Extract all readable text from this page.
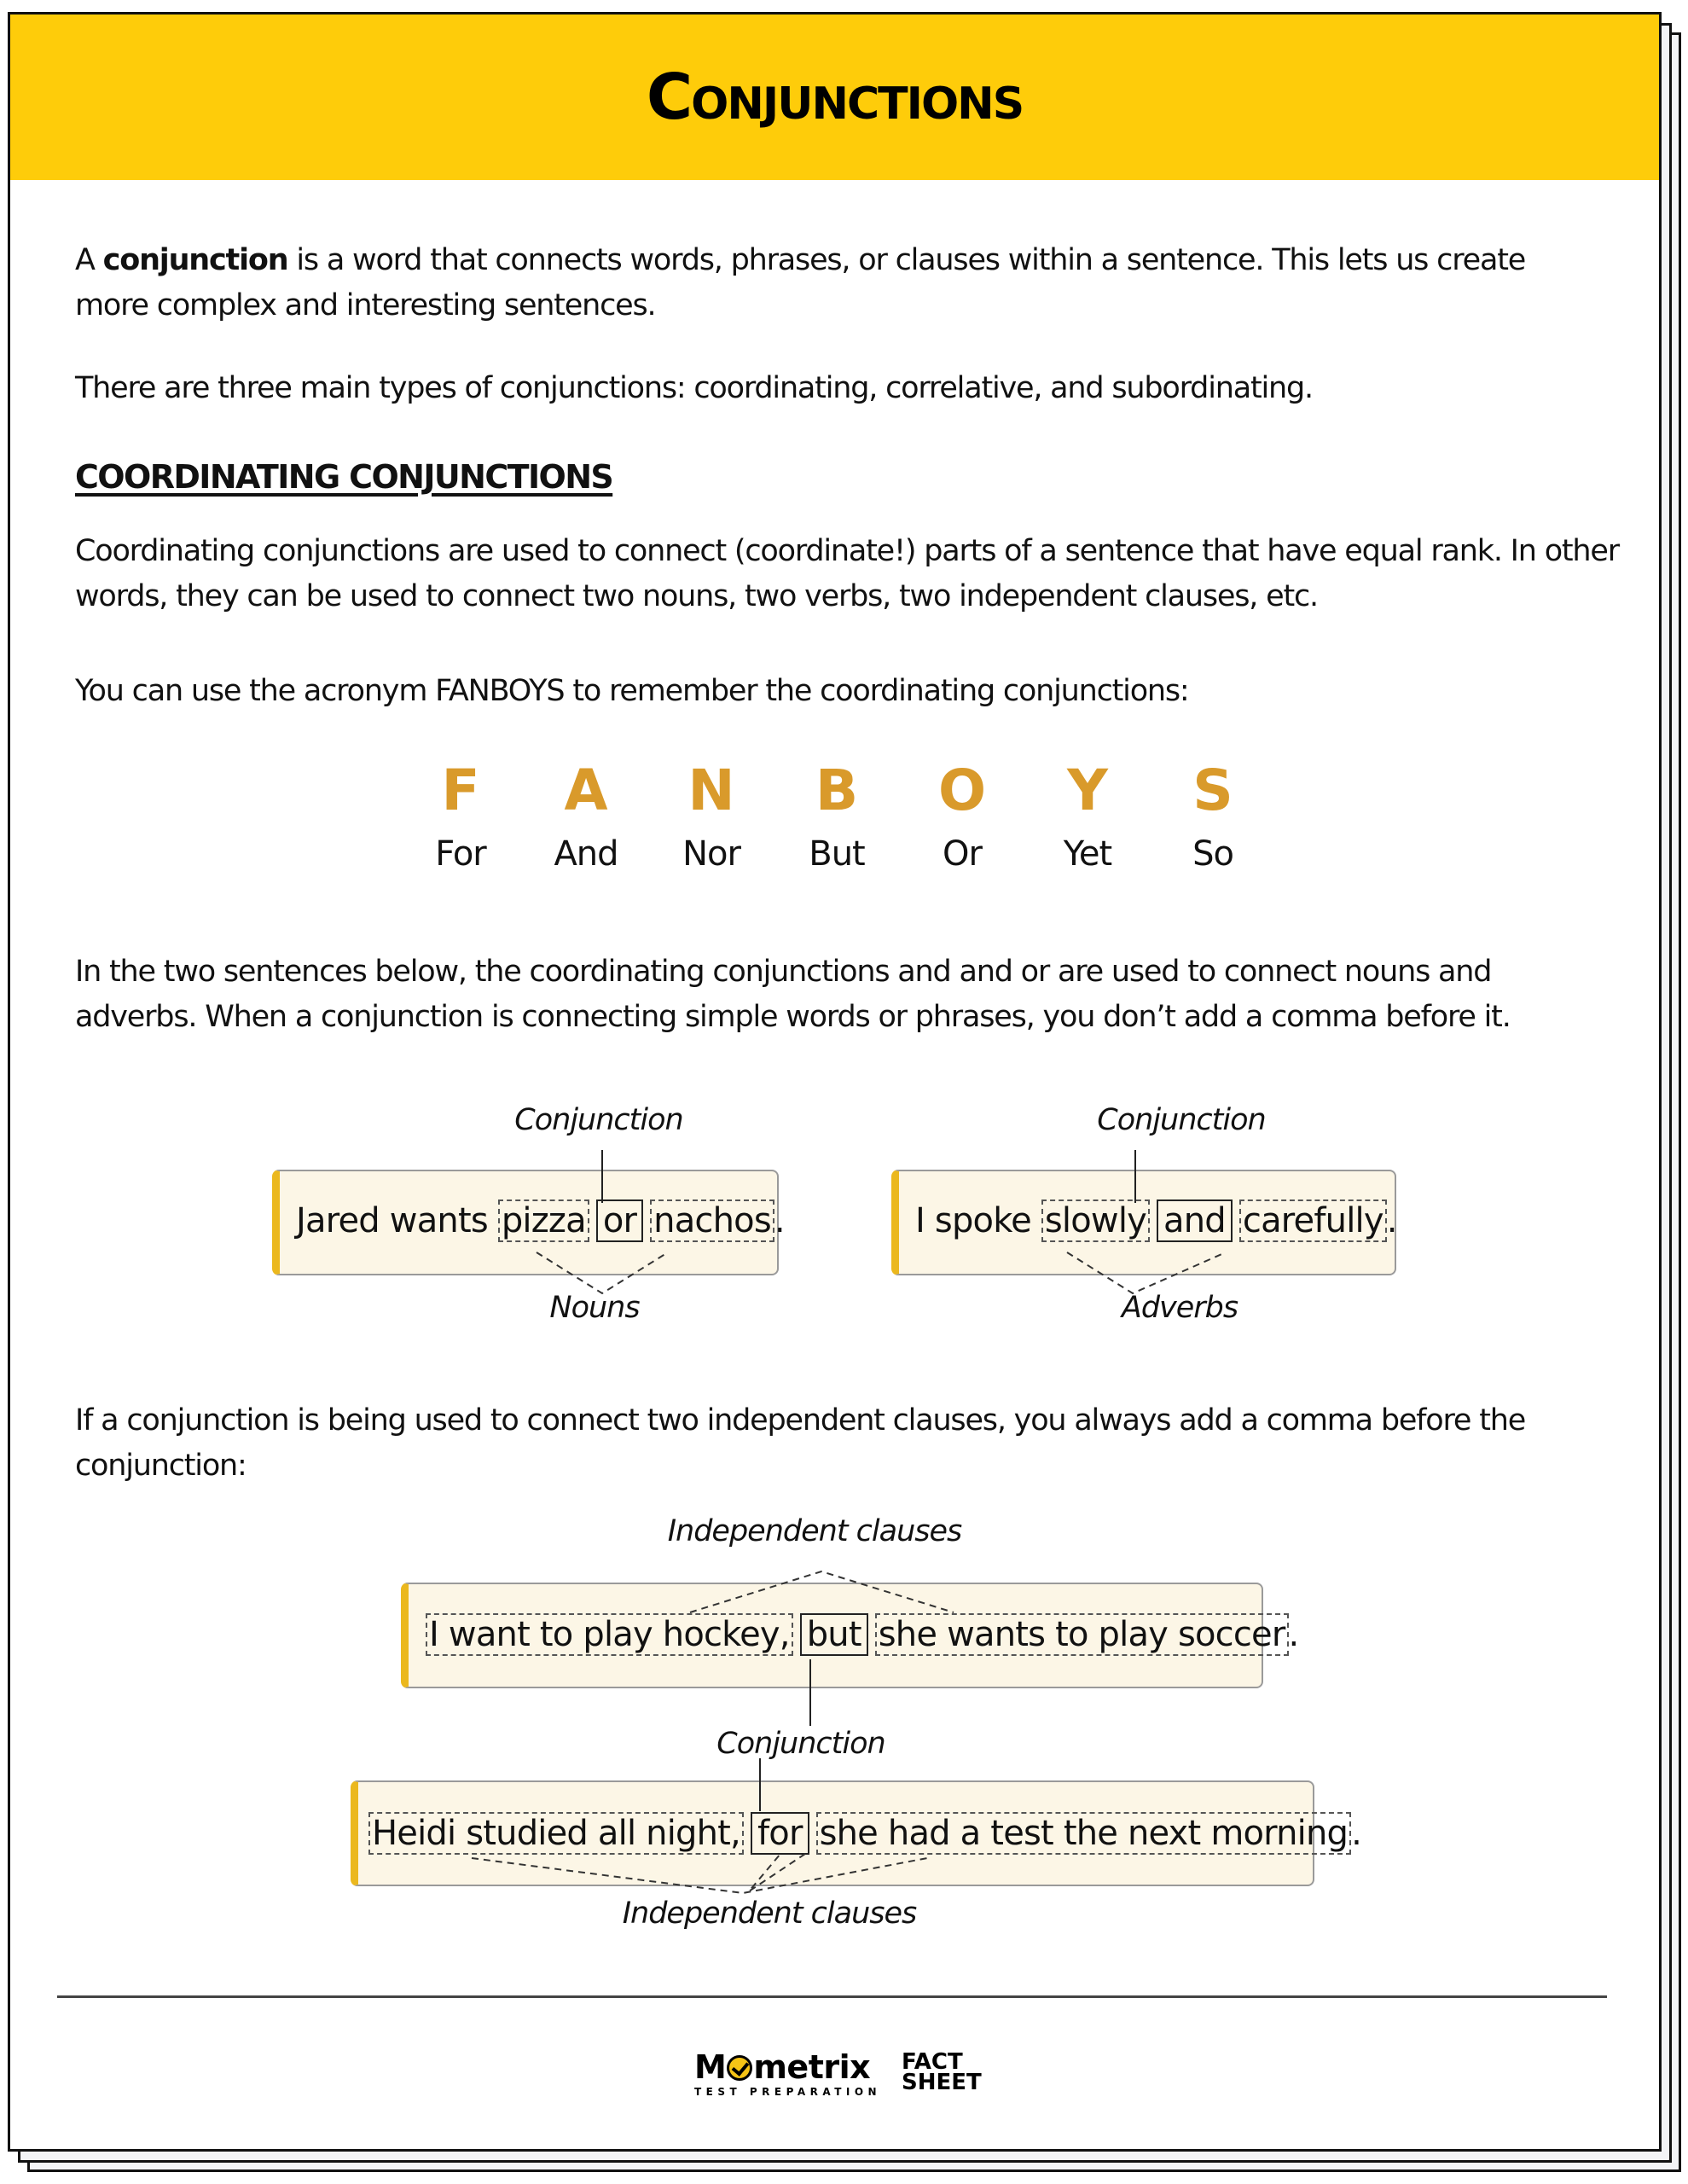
Conjunctions

A conjunction is a word that connects words, phrases, or clauses within a sentence. This lets us create more complex and interesting sentences.

There are three main types of conjunctions: coordinating, correlative, and subordinating.

COORDINATING CONJUNCTIONS

Coordinating conjunctions are used to connect (coordinate!) parts of a sentence that have equal rank. In other words, they can be used to connect two nouns, two verbs, two independent clauses, etc.

You can use the acronym FANBOYS to remember the coordinating conjunctions:

F
For
A
And
N
Nor
B
But
O
Or
Y
Yet
S
So

In the two sentences below, the coordinating conjunctions and and or are used to connect nouns and adverbs. When a conjunction is connecting simple words or phrases, you don’t add a comma before it.

Conjunction
Jared wants pizza or nachos .
Nouns
Conjunction
I spoke slowly and carefully .
Adverbs

If a conjunction is being used to connect two independent clauses, you always add a comma before the conjunction:

Independent clauses
I want to play hockey, but she wants to play soccer .
Conjunction
Heidi studied all night, for she had a test the next morning .
Independent clauses
M metrix
TEST PREPARATION
FACT
SHEET
